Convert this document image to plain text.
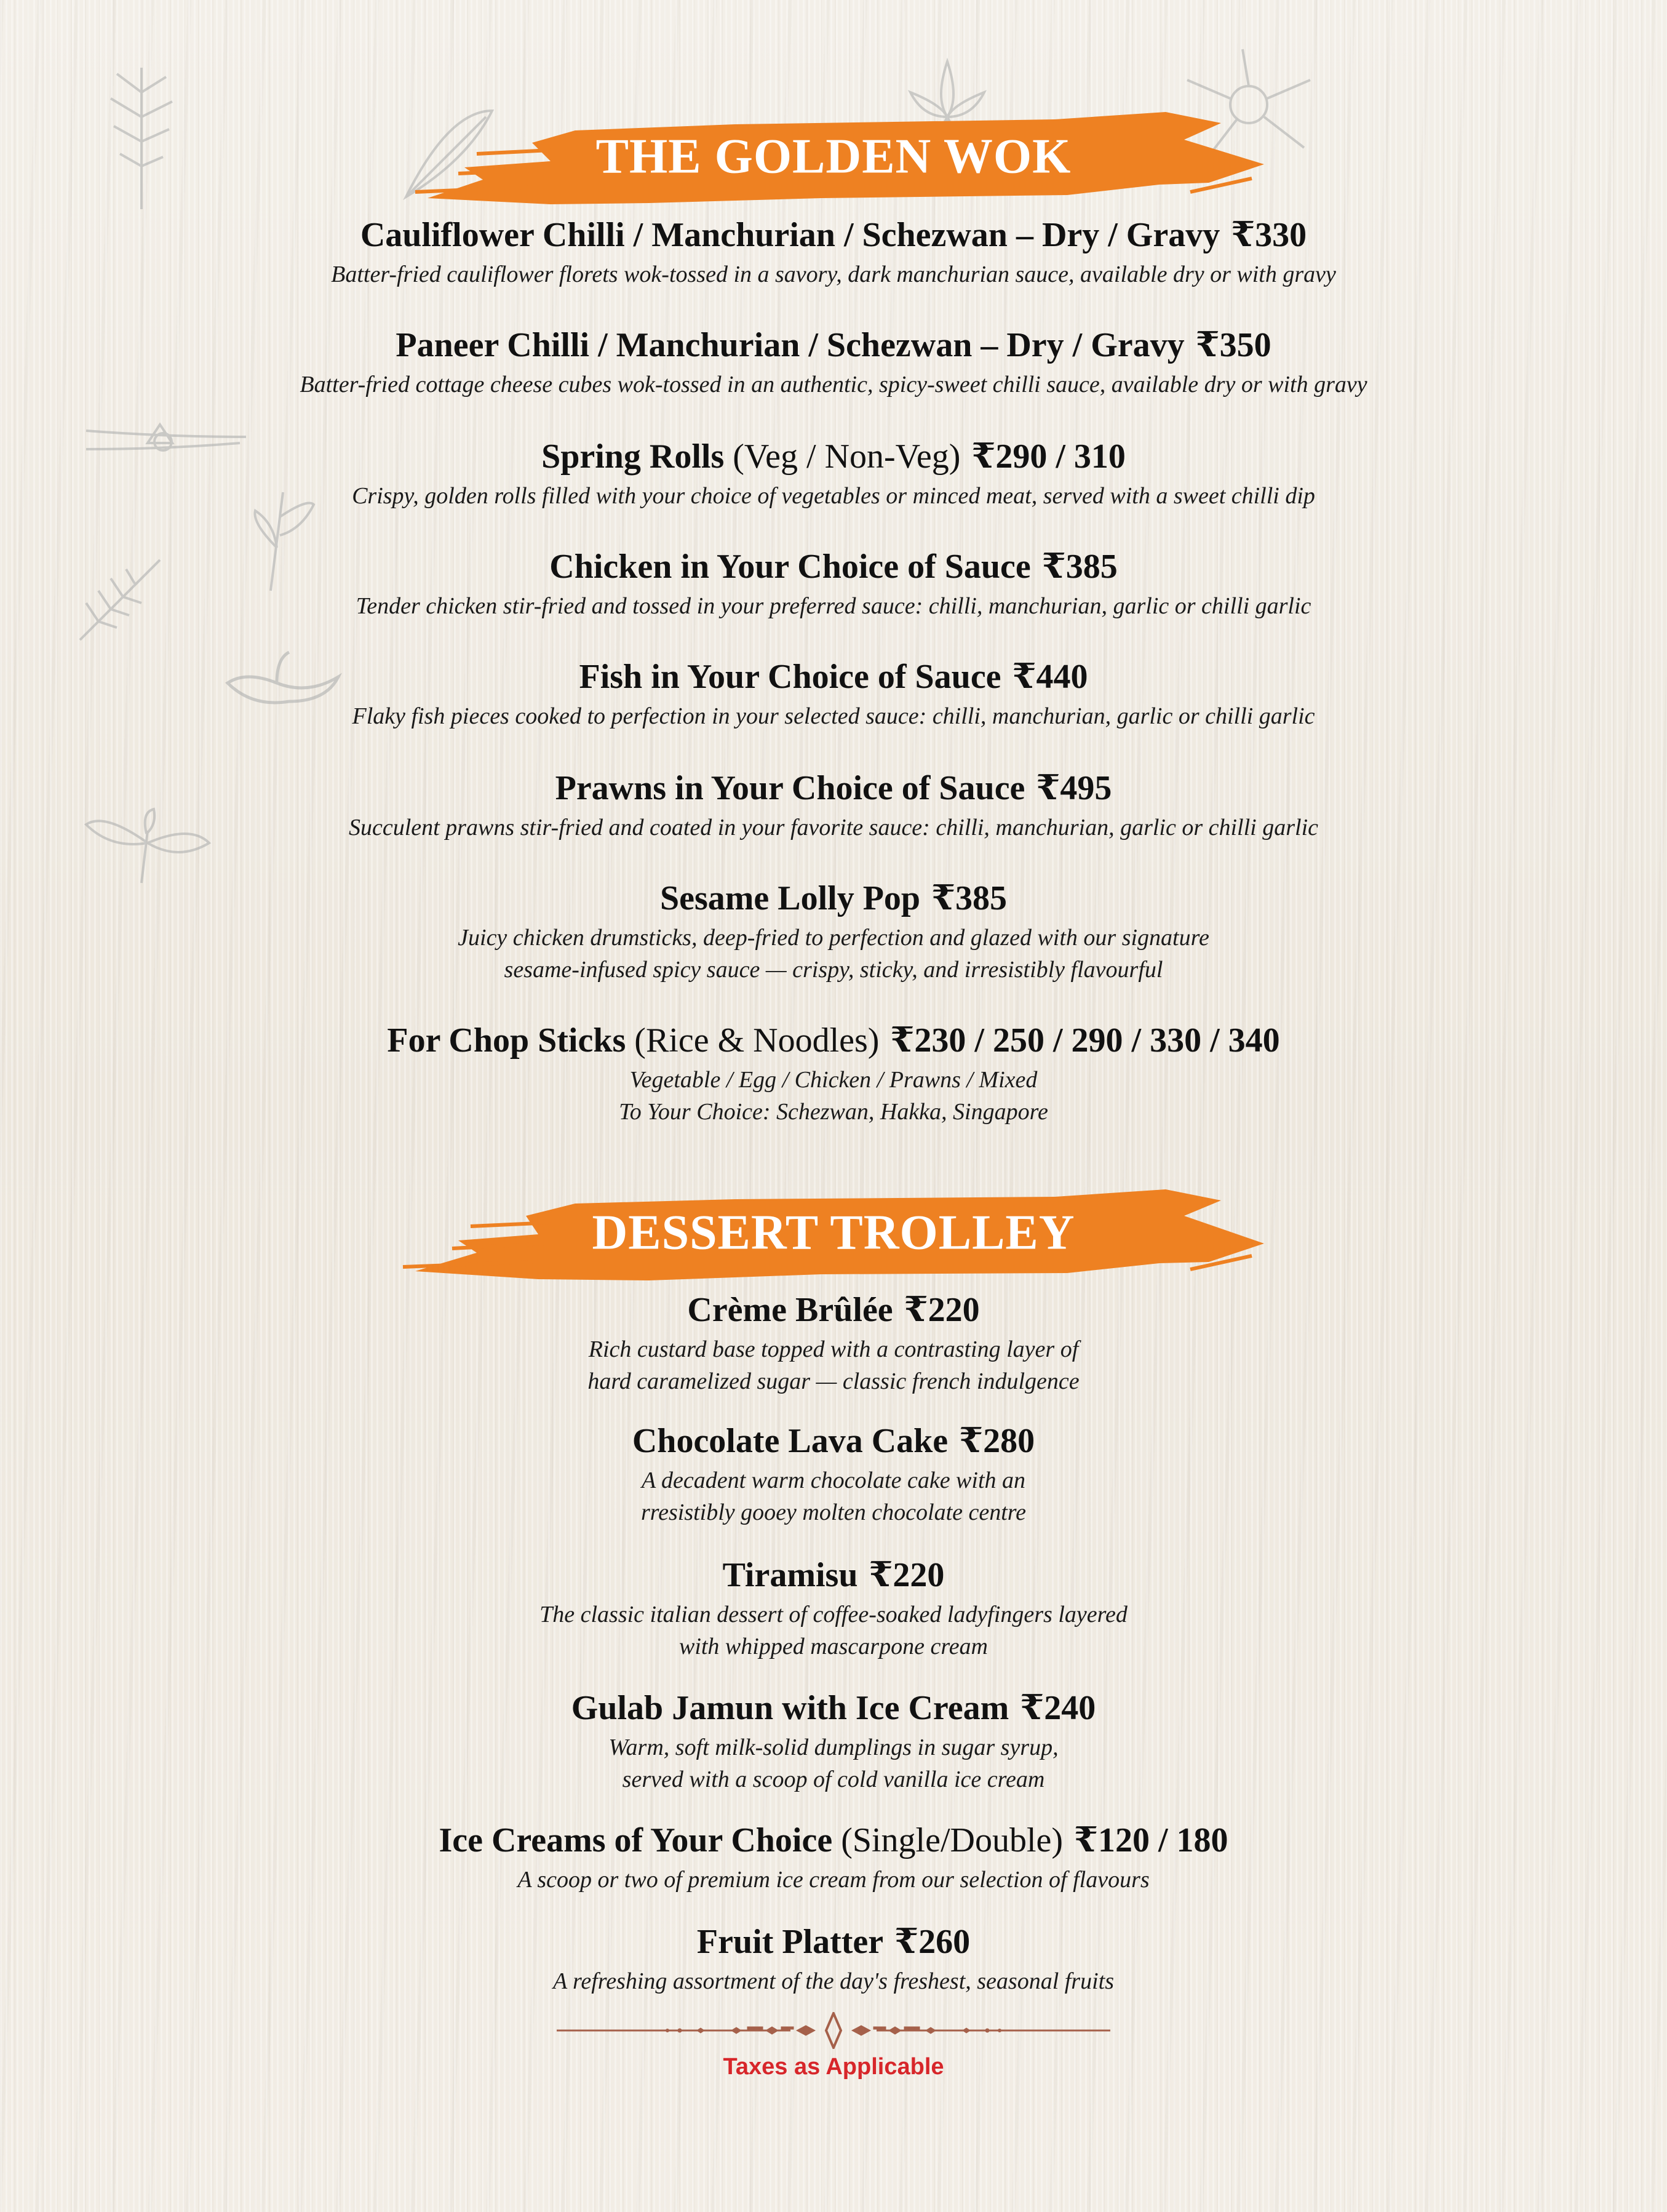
THE GOLDEN WOK
Cauliflower Chilli / Manchurian / Schezwan – Dry / Gravy ₹330
Batter-fried cauliflower florets wok-tossed in a savory, dark manchurian sauce, available dry or with gravy
Paneer Chilli / Manchurian / Schezwan – Dry / Gravy ₹350
Batter-fried cottage cheese cubes wok-tossed in an authentic, spicy-sweet chilli sauce, available dry or with gravy
Spring Rolls (Veg / Non-Veg) ₹290 / 310
Crispy, golden rolls filled with your choice of vegetables or minced meat, served with a sweet chilli dip
Chicken in Your Choice of Sauce ₹385
Tender chicken stir-fried and tossed in your preferred sauce: chilli, manchurian, garlic or chilli garlic
Fish in Your Choice of Sauce ₹440
Flaky fish pieces cooked to perfection in your selected sauce: chilli, manchurian, garlic or chilli garlic
Prawns in Your Choice of Sauce ₹495
Succulent prawns stir-fried and coated in your favorite sauce: chilli, manchurian, garlic or chilli garlic
Sesame Lolly Pop ₹385
Juicy chicken drumsticks, deep-fried to perfection and glazed with our signature
sesame-infused spicy sauce — crispy, sticky, and irresistibly flavourful
For Chop Sticks (Rice & Noodles) ₹230 / 250 / 290 / 330 / 340
Vegetable / Egg / Chicken / Prawns / Mixed
To Your Choice: Schezwan, Hakka, Singapore
DESSERT TROLLEY
Crème Brûlée ₹220
Rich custard base topped with a contrasting layer of
hard caramelized sugar — classic french indulgence
Chocolate Lava Cake ₹280
A decadent warm chocolate cake with an
rresistibly gooey molten chocolate centre
Tiramisu ₹220
The classic italian dessert of coffee-soaked ladyfingers layered
with whipped mascarpone cream
Gulab Jamun with Ice Cream ₹240
Warm, soft milk-solid dumplings in sugar syrup,
served with a scoop of cold vanilla ice cream
Ice Creams of Your Choice (Single/Double) ₹120 / 180
A scoop or two of premium ice cream from our selection of flavours
Fruit Platter ₹260
A refreshing assortment of the day's freshest, seasonal fruits
Taxes as Applicable
